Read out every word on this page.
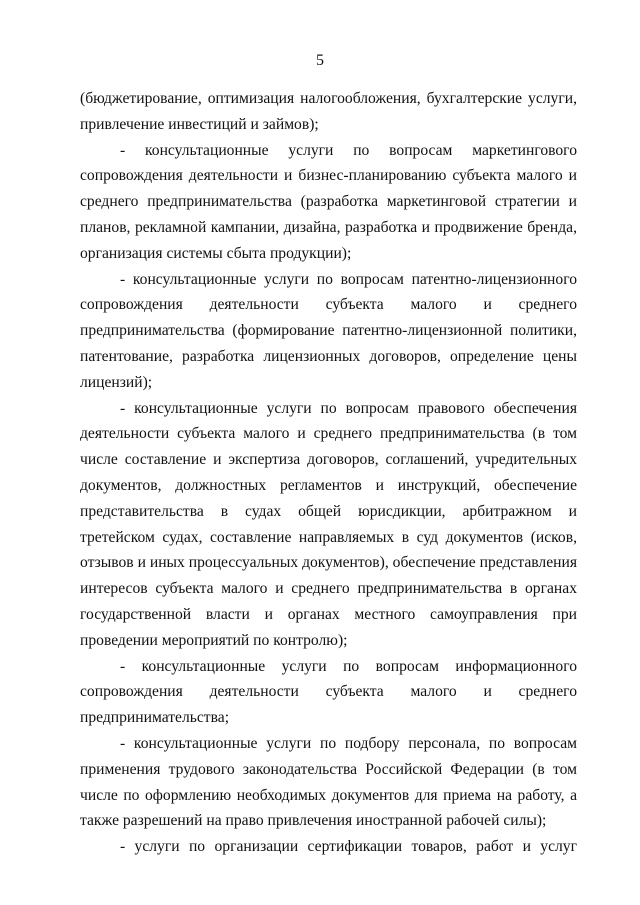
5

(бюджетирование, оптимизация налогообложения, бухгалтерские услуги, привлечение инвестиций и займов);

- консультационные услуги по вопросам маркетингового сопровождения деятельности и бизнес-планированию субъекта малого и среднего предпринимательства (разработка маркетинговой стратегии и планов, рекламной кампании, дизайна, разработка и продвижение бренда, организация системы сбыта продукции);

- консультационные услуги по вопросам патентно-лицензионного сопровождения деятельности субъекта малого и среднего предпринимательства (формирование патентно-лицензионной политики, патентование, разработка лицензионных договоров, определение цены лицензий);

- консультационные услуги по вопросам правового обеспечения деятельности субъекта малого и среднего предпринимательства (в том числе составление и экспертиза договоров, соглашений, учредительных документов, должностных регламентов и инструкций, обеспечение представительства в судах общей юрисдикции, арбитражном и третейском судах, составление направляемых в суд документов (исков, отзывов и иных процессуальных документов), обеспечение представления интересов субъекта малого и среднего предпринимательства в органах государственной власти и органах местного самоуправления при проведении мероприятий по контролю);

- консультационные услуги по вопросам информационного сопровождения деятельности субъекта малого и среднего предпринимательства;

- консультационные услуги по подбору персонала, по вопросам применения трудового законодательства Российской Федерации (в том числе по оформлению необходимых документов для приема на работу, а также разрешений на право привлечения иностранной рабочей силы);

- услуги по организации сертификации товаров, работ и услуг
